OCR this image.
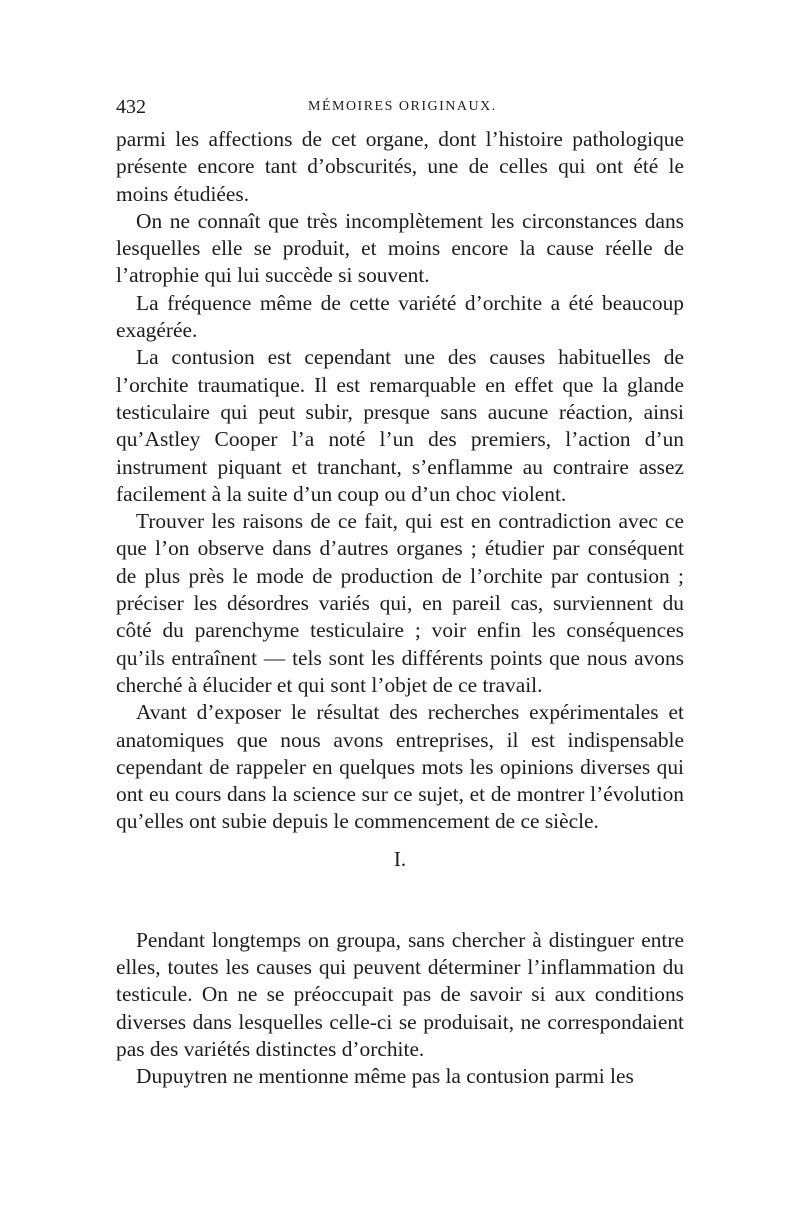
432	MÉMOIRES ORIGINAUX.

parmi les affections de cet organe, dont l’histoire pathologique présente encore tant d’obscurités, une de celles qui ont été le moins étudiées.

On ne connaît que très incomplètement les circonstances dans lesquelles elle se produit, et moins encore la cause réelle de l’atrophie qui lui succède si souvent.

La fréquence même de cette variété d’orchite a été beaucoup exagérée.

La contusion est cependant une des causes habituelles de l’orchite traumatique. Il est remarquable en effet que la glande testiculaire qui peut subir, presque sans aucune réaction, ainsi qu’Astley Cooper l’a noté l’un des premiers, l’action d’un instrument piquant et tranchant, s’enflamme au contraire assez facilement à la suite d’un coup ou d’un choc violent.

Trouver les raisons de ce fait, qui est en contradiction avec ce que l’on observe dans d’autres organes ; étudier par conséquent de plus près le mode de production de l’orchite par contusion ; préciser les désordres variés qui, en pareil cas, surviennent du côté du parenchyme testiculaire ; voir enfin les conséquences qu’ils entraînent — tels sont les différents points que nous avons cherché à élucider et qui sont l’objet de ce travail.

Avant d’exposer le résultat des recherches expérimentales et anatomiques que nous avons entreprises, il est indispensable cependant de rappeler en quelques mots les opinions diverses qui ont eu cours dans la science sur ce sujet, et de montrer l’évolution qu’elles ont subie depuis le commencement de ce siècle.

I.

Pendant longtemps on groupa, sans chercher à distinguer entre elles, toutes les causes qui peuvent déterminer l’inflammation du testicule. On ne se préoccupait pas de savoir si aux conditions diverses dans lesquelles celle-ci se produisait, ne correspondaient pas des variétés distinctes d’orchite.

Dupuytren ne mentionne même pas la contusion parmi les
